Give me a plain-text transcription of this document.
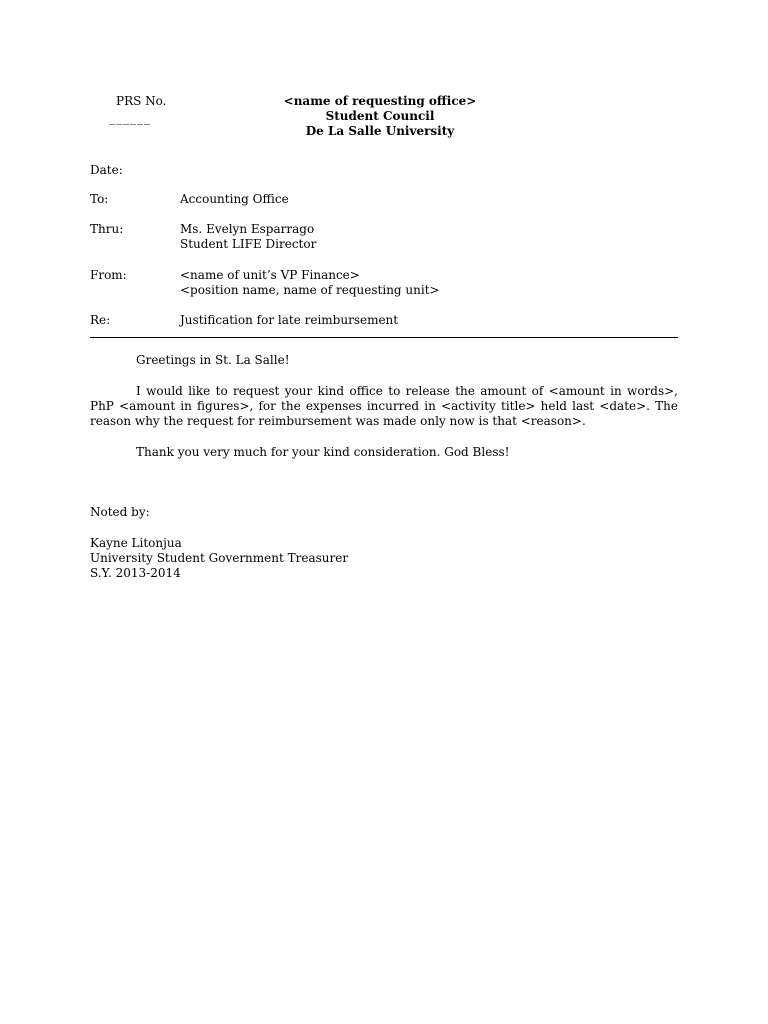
PRS No.
______
<name of requesting office>
Student Council
De La Salle University
Date:
To:	Accounting Office
Thru:	Ms. Evelyn Esparrago
Student LIFE Director
From:	<name of unit’s VP Finance>
<position name, name of requesting unit>
Re:	Justification for late reimbursement
Greetings in St. La Salle!

I would like to request your kind office to release the amount of <amount in words>, PhP <amount in figures>, for the expenses incurred in <activity title> held last <date>. The reason why the request for reimbursement was made only now is that <reason>.

Thank you very much for your kind consideration. God Bless!
Noted by:
Kayne Litonjua
University Student Government Treasurer
S.Y. 2013-2014
